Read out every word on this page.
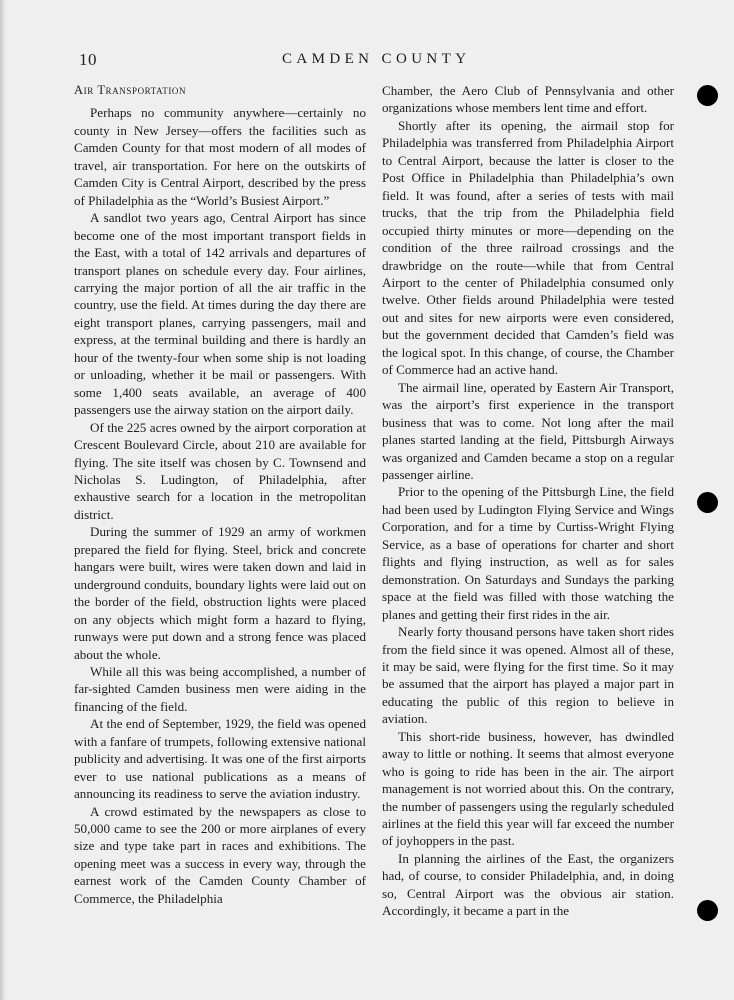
10	CAMDEN COUNTY
Air Transportation

Perhaps no community anywhere—certainly no county in New Jersey—offers the facilities such as Camden County for that most modern of all modes of travel, air transportation. For here on the outskirts of Camden City is Central Airport, described by the press of Philadelphia as the “World’s Busiest Airport.”

A sandlot two years ago, Central Airport has since become one of the most important transport fields in the East, with a total of 142 arrivals and departures of transport planes on schedule every day. Four airlines, carrying the major portion of all the air traffic in the country, use the field. At times during the day there are eight transport planes, carrying passengers, mail and express, at the terminal building and there is hardly an hour of the twenty-four when some ship is not loading or unloading, whether it be mail or passengers. With some 1,400 seats available, an average of 400 passengers use the airway station on the airport daily.

Of the 225 acres owned by the airport corporation at Crescent Boulevard Circle, about 210 are available for flying. The site itself was chosen by C. Townsend and Nicholas S. Ludington, of Philadelphia, after exhaustive search for a location in the metropolitan district.

During the summer of 1929 an army of workmen prepared the field for flying. Steel, brick and concrete hangars were built, wires were taken down and laid in underground conduits, boundary lights were laid out on the border of the field, obstruction lights were placed on any objects which might form a hazard to flying, runways were put down and a strong fence was placed about the whole.

While all this was being accomplished, a number of far-sighted Camden business men were aiding in the financing of the field.

At the end of September, 1929, the field was opened with a fanfare of trumpets, following extensive national publicity and advertising. It was one of the first airports ever to use national publications as a means of announcing its readiness to serve the aviation industry.

A crowd estimated by the newspapers as close to 50,000 came to see the 200 or more airplanes of every size and type take part in races and exhibitions. The opening meet was a success in every way, through the earnest work of the Camden County Chamber of Commerce, the Philadelphia

Chamber, the Aero Club of Pennsylvania and other organizations whose members lent time and effort.

Shortly after its opening, the airmail stop for Philadelphia was transferred from Philadelphia Airport to Central Airport, because the latter is closer to the Post Office in Philadelphia than Philadelphia’s own field. It was found, after a series of tests with mail trucks, that the trip from the Philadelphia field occupied thirty minutes or more—depending on the condition of the three railroad crossings and the drawbridge on the route—while that from Central Airport to the center of Philadelphia consumed only twelve. Other fields around Philadelphia were tested out and sites for new airports were even considered, but the government decided that Camden’s field was the logical spot. In this change, of course, the Chamber of Commerce had an active hand.

The airmail line, operated by Eastern Air Transport, was the airport’s first experience in the transport business that was to come. Not long after the mail planes started landing at the field, Pittsburgh Airways was organized and Camden became a stop on a regular passenger airline.

Prior to the opening of the Pittsburgh Line, the field had been used by Ludington Flying Service and Wings Corporation, and for a time by Curtiss-Wright Flying Service, as a base of operations for charter and short flights and flying instruction, as well as for sales demonstration. On Saturdays and Sundays the parking space at the field was filled with those watching the planes and getting their first rides in the air.

Nearly forty thousand persons have taken short rides from the field since it was opened. Almost all of these, it may be said, were flying for the first time. So it may be assumed that the airport has played a major part in educating the public of this region to believe in aviation.

This short-ride business, however, has dwindled away to little or nothing. It seems that almost everyone who is going to ride has been in the air. The airport management is not worried about this. On the contrary, the number of passengers using the regularly scheduled airlines at the field this year will far exceed the number of joyhoppers in the past.

In planning the airlines of the East, the organizers had, of course, to consider Philadelphia, and, in doing so, Central Airport was the obvious air station. Accordingly, it became a part in the
